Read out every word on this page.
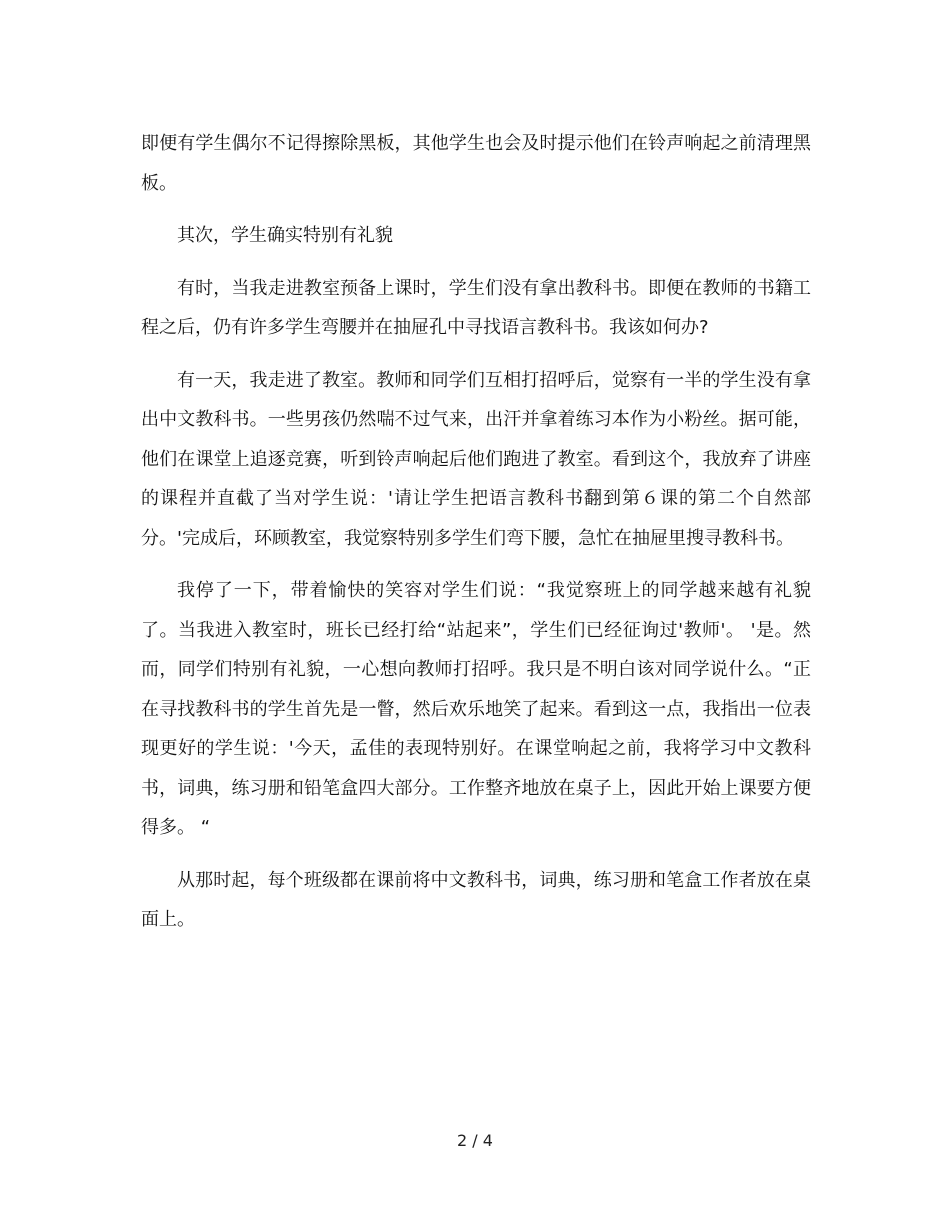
即便有学生偶尔不记得擦除黑板，其他学生也会及时提示他们在铃声响起之前清理黑板。

其次，学生确实特别有礼貌

有时，当我走进教室预备上课时，学生们没有拿出教科书。即便在教师的书籍工程之后，仍有许多学生弯腰并在抽屉孔中寻找语言教科书。我该如何办?

有一天，我走进了教室。教师和同学们互相打招呼后，觉察有一半的学生没有拿出中文教科书。一些男孩仍然喘不过气来，出汗并拿着练习本作为小粉丝。据可能，他们在课堂上追逐竞赛，听到铃声响起后他们跑进了教室。看到这个，我放弃了讲座的课程并直截了当对学生说：'请让学生把语言教科书翻到第６课的第二个自然部分。'完成后，环顾教室，我觉察特别多学生们弯下腰，急忙在抽屉里搜寻教科书。

我停了一下，带着愉快的笑容对学生们说：“我觉察班上的同学越来越有礼貌了。当我进入教室时，班长已经打给“站起来”，学生们已经征询过'教师'。 '是。然而，同学们特别有礼貌，一心想向教师打招呼。我只是不明白该对同学说什么。“正在寻找教科书的学生首先是一瞥，然后欢乐地笑了起来。看到这一点，我指出一位表现更好的学生说：'今天，孟佳的表现特别好。在课堂响起之前，我将学习中文教科书，词典，练习册和铅笔盒四大部分。工作整齐地放在桌子上，因此开始上课要方便得多。 “

从那时起，每个班级都在课前将中文教科书，词典，练习册和笔盒工作者放在桌面上。

2 / 4
